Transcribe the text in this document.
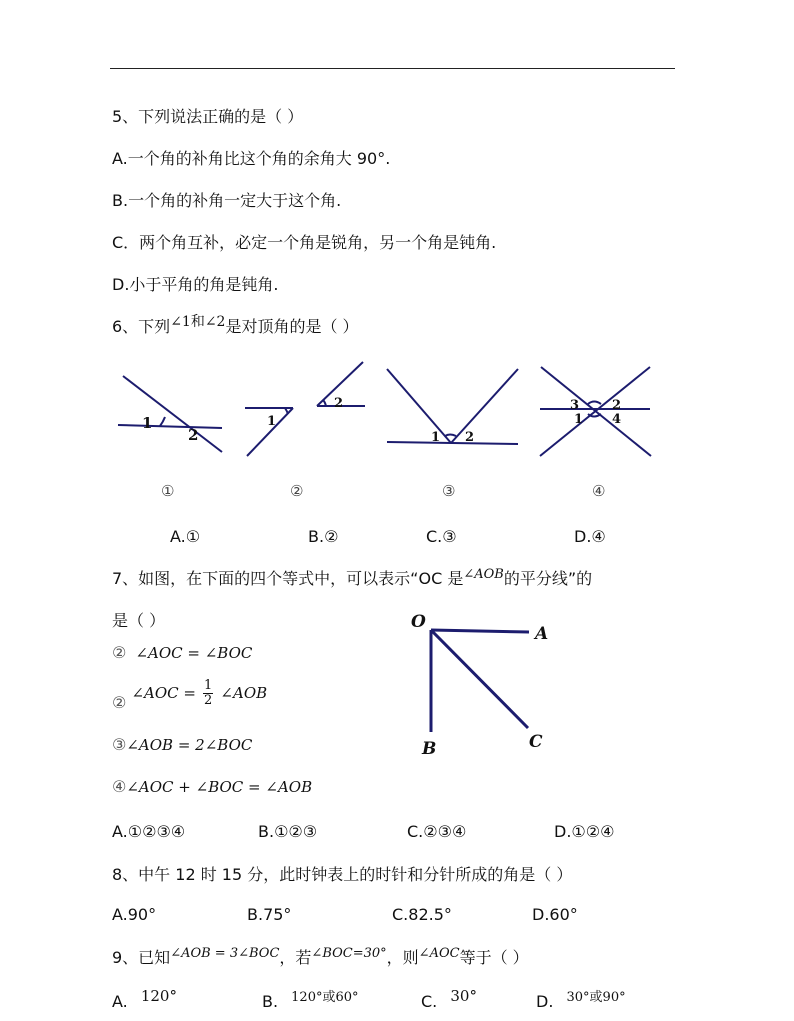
5、下列说法正确的是（ ）
A.一个角的补角比这个角的余角大 90°.
B.一个角的补角一定大于这个角.
C．两个角互补，必定一个角是锐角，另一个角是钝角.
D.小于平角的角是钝角.
6、下列∠1和∠2是对顶角的是（ ）
1
2
1
2
1 2
3	2
1 4
①	②	③	④
A.①	B.②	C.③	D.④
7、如图，在下面的四个等式中，可以表示“OC 是$^{\angle AOB}$的平分线”的
是（ ）
② ∠AOC = ∠BOC
② ∠AOC = $\frac{1}{2}$ ∠AOB
③∠AOB = 2∠BOC
④∠AOC + ∠BOC = ∠AOB
O
A
B	C
A.①②③④	B.①②③	C.②③④	D.①②④
8、中午 12 时 15 分，此时钟表上的时针和分针所成的角是（ ）
A.90°	B.75°	C.82.5°	D.60°
9、已知$^{\angle AOB = 3\angle BOC}$，若$^{\angle BOC=30^\circ}$，则$^{\angle AOC}$等于（ ）
A. 120°	B. $^{120^\circ 或60^\circ}$	C. 30°	D. $^{30^\circ 或90^\circ}$
